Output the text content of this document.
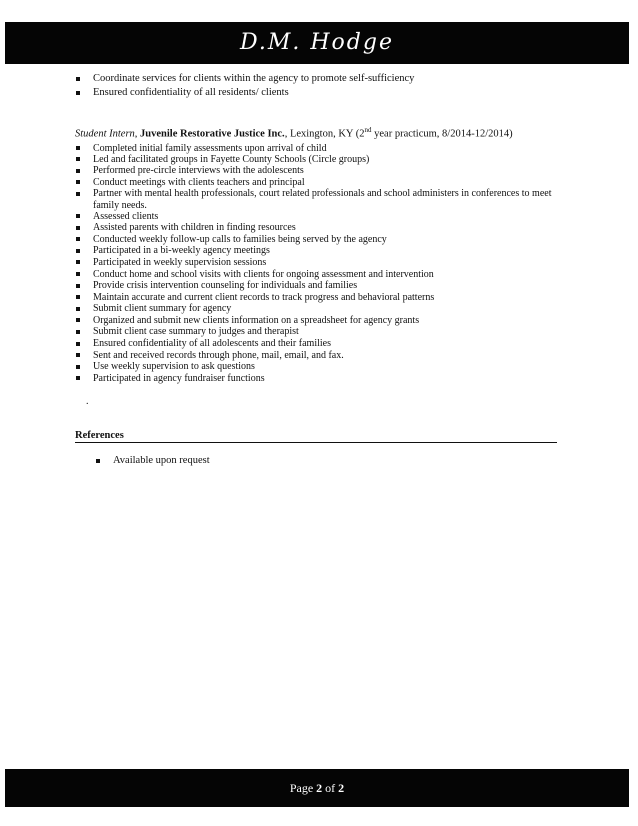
D.M. Hodge
Coordinate services for clients within the agency to promote self-sufficiency
Ensured confidentiality of all residents/ clients
Student Intern, Juvenile Restorative Justice Inc., Lexington, KY (2nd year practicum, 8/2014-12/2014)
Completed initial family assessments upon arrival of child
Led and facilitated groups in Fayette County Schools (Circle groups)
Performed pre-circle interviews with the adolescents
Conduct meetings with clients teachers and principal
Partner with mental health professionals, court related professionals and school administers in conferences to meet family needs.
Assessed clients
Assisted parents with children in finding resources
Conducted weekly follow-up calls to families being served by the agency
Participated in a bi-weekly agency meetings
Participated in weekly supervision sessions
Conduct home and school visits with clients for ongoing assessment and intervention
Provide crisis intervention counseling for individuals and families
Maintain accurate and current client records to track progress and behavioral patterns
Submit client summary for agency
Organized and submit new clients information on a spreadsheet for agency grants
Submit client case summary to judges and therapist
Ensured confidentiality of all adolescents and their families
Sent and received records through phone, mail, email, and fax.
Use weekly supervision to ask questions
Participated in agency fundraiser functions
.
References
Available upon request
Page 2 of 2
